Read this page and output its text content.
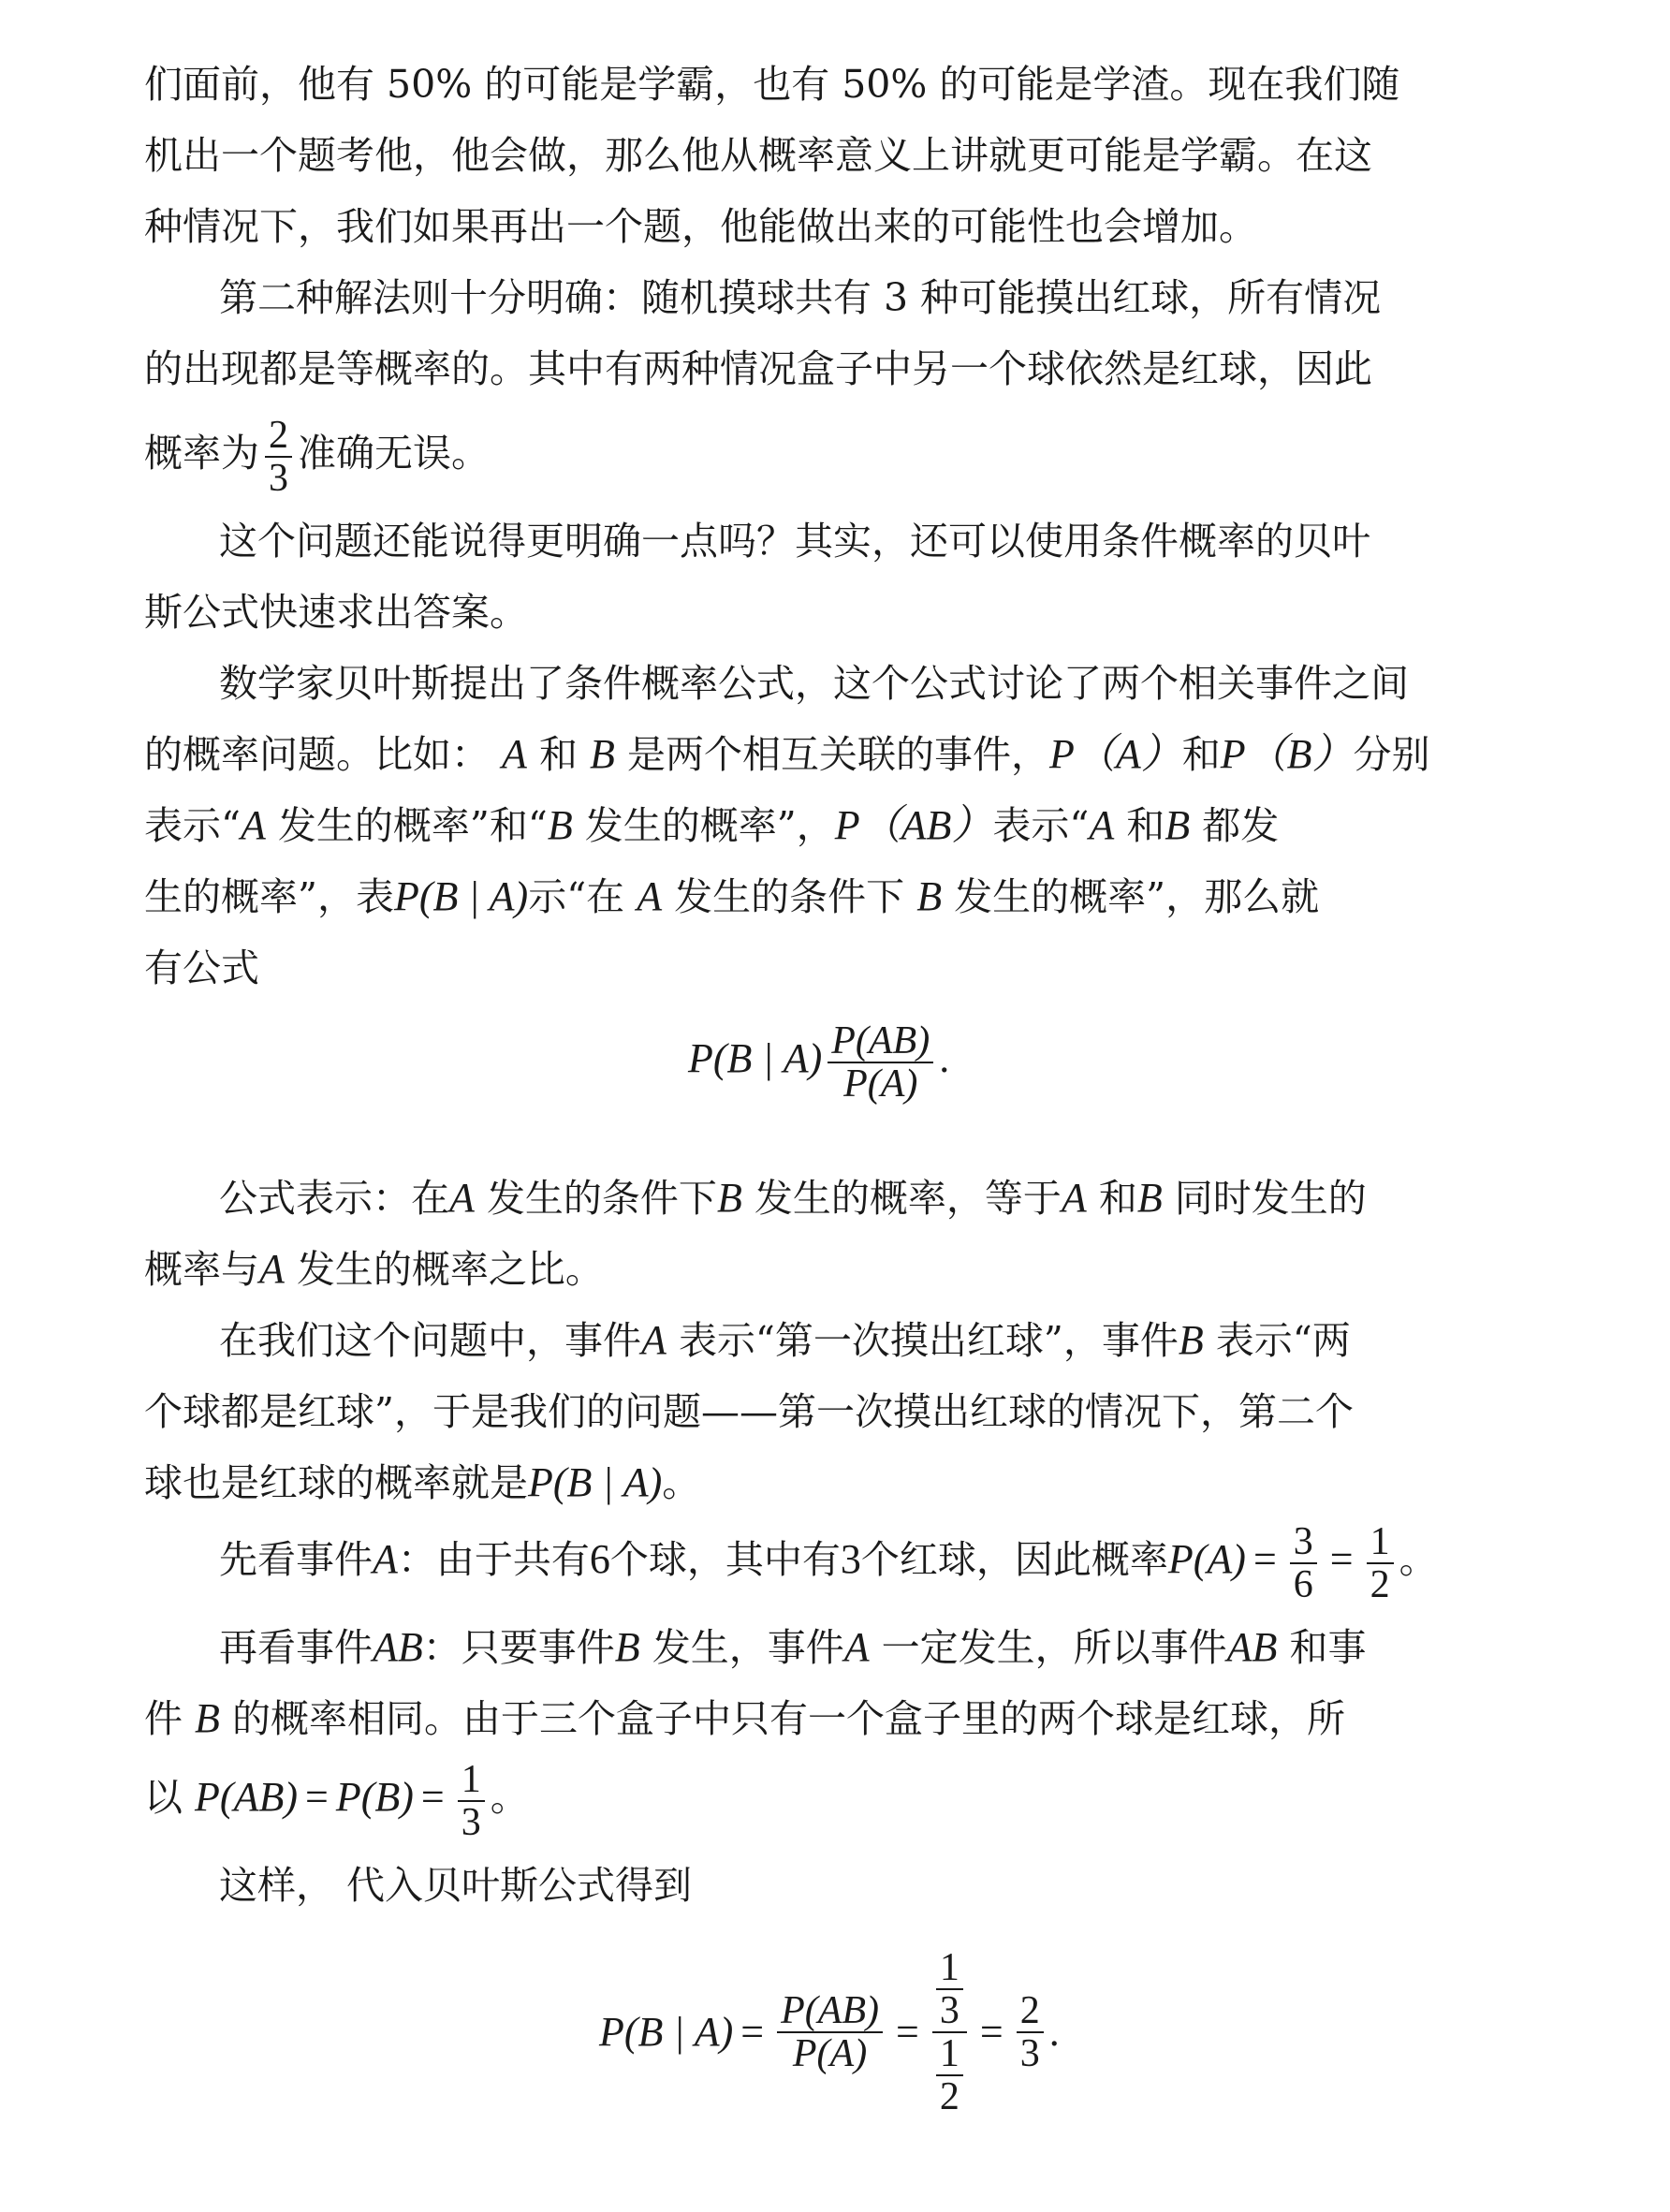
们面前，他有 50% 的可能是学霸，也有 50% 的可能是学渣。现在我们随
机出一个题考他，他会做，那么他从概率意义上讲就更可能是学霸。在这
种情况下，我们如果再出一个题，他能做出来的可能性也会增加。
第二种解法则十分明确：随机摸球共有 3 种可能摸出红球，所有情况
的出现都是等概率的。其中有两种情况盒子中另一个球依然是红球，因此
概率为 $\frac{2}{3}$ 准确无误。
这个问题还能说得更明确一点吗？其实，还可以使用条件概率的贝叶
斯公式快速求出答案。
数学家贝叶斯提出了条件概率公式，这个公式讨论了两个相关事件之间
的概率问题。比如： A 和 B 是两个相互关联的事件，P（A）和P（B）分别
表示“A 发生的概率”和“B 发生的概率”，P（AB）表示“A 和B 都发
生的概率”，表P(B | A)示“在 A 发生的条件下 B 发生的概率”，那么就
有公式
P(B | $A) \frac{P(AB)}{P(A)}$ .
公式表示：在A 发生的条件下B 发生的概率，等于A 和B 同时发生的
概率与A 发生的概率之比。
在我们这个问题中，事件A 表示“第一次摸出红球”，事件B 表示“两
个球都是红球”，于是我们的问题——第一次摸出红球的情况下，第二个
球也是红球的概率就是P(B | A)。
先看事件A：由于共有6个球，其中有3个红球，因此概率$P(A) = \frac{3}{6} = \frac{1}{2}$ 。
再看事件AB：只要事件B 发生，事件A 一定发生，所以事件AB 和事
件 B 的概率相同。由于三个盒子中只有一个盒子里的两个球是红球，所
以 $P(AB) = P(B) = \frac{1}{3}$ 。
这样， 代入贝叶斯公式得到
P(B | $A) = \frac{P(AB)}{P(A)} = \frac{\frac{1}{3}}{\frac{1}{2}} = \frac{2}{3}$ .
